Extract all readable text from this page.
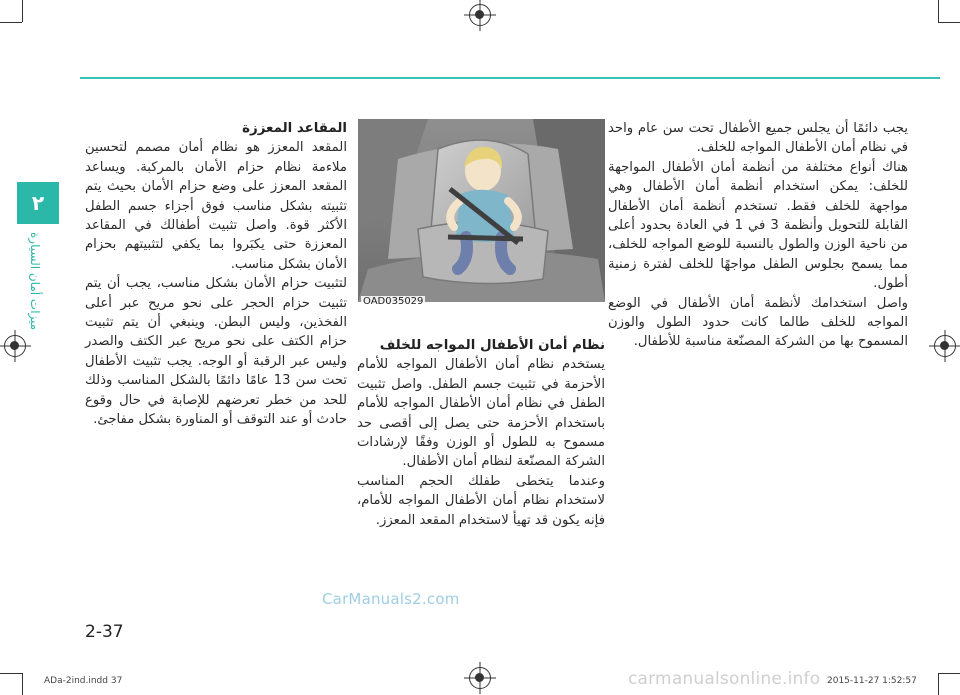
٢
ميزات أمان السيارة

يجب دائمًا أن يجلس جميع الأطفال تحت سن عام واحد في نظام أمان الأطفال المواجه للخلف.

هناك أنواع مختلفة من أنظمة أمان الأطفال المواجهة للخلف: يمكن استخدام أنظمة أمان الأطفال وهي مواجهة للخلف فقط. تستخدم أنظمة أمان الأطفال القابلة للتحويل وأنظمة 3 في 1 في العادة بحدود أعلى من ناحية الوزن والطول بالنسبة للوضع المواجه للخلف، مما يسمح بجلوس الطفل مواجهًا للخلف لفترة زمنية أطول.

واصل استخدامك لأنظمة أمان الأطفال في الوضع المواجه للخلف طالما كانت حدود الطول والوزن المسموح بها من الشركة المصنّعة مناسبة للأطفال.

OAD035029

نظام أمان الأطفال المواجه للخلف

يستخدم نظام أمان الأطفال المواجه للأمام الأحزمة في تثبيت جسم الطفل. واصل تثبيت الطفل في نظام أمان الأطفال المواجه للأمام باستخدام الأحزمة حتى يصل إلى أقصى حد مسموح به للطول أو الوزن وفقًا لإرشادات الشركة المصنّعة لنظام أمان الأطفال.

وعندما يتخطى طفلك الحجم المناسب لاستخدام نظام أمان الأطفال المواجه للأمام، فإنه يكون قد تهيأ لاستخدام المقعد المعزز.

المقاعد المعززة

المقعد المعزز هو نظام أمان مصمم لتحسين ملاءمة نظام حزام الأمان بالمركبة. ويساعد المقعد المعزز على وضع حزام الأمان بحيث يتم تثبيته بشكل مناسب فوق أجزاء جسم الطفل الأكثر قوة. واصل تثبيت أطفالك في المقاعد المعززة حتى يكبَروا بما يكفي لتثبيتهم بحزام الأمان بشكل مناسب.

لتثبيت حزام الأمان بشكل مناسب، يجب أن يتم تثبيت حزام الحجر على نحو مريح عبر أعلى الفخذين، وليس البطن. وينبغي أن يتم تثبيت حزام الكتف على نحو مريح عبر الكتف والصدر وليس عبر الرقبة أو الوجه. يجب تثبيت الأطفال تحت سن 13 عامًا دائمًا بالشكل المناسب وذلك للحد من خطر تعرضهم للإصابة في حال وقوع حادث أو عند التوقف أو المناورة بشكل مفاجئ.

CarManuals2.com
2-37
ADa-2ind.indd 37	carmanualsonline.info 2015-11-27 1:52:57
